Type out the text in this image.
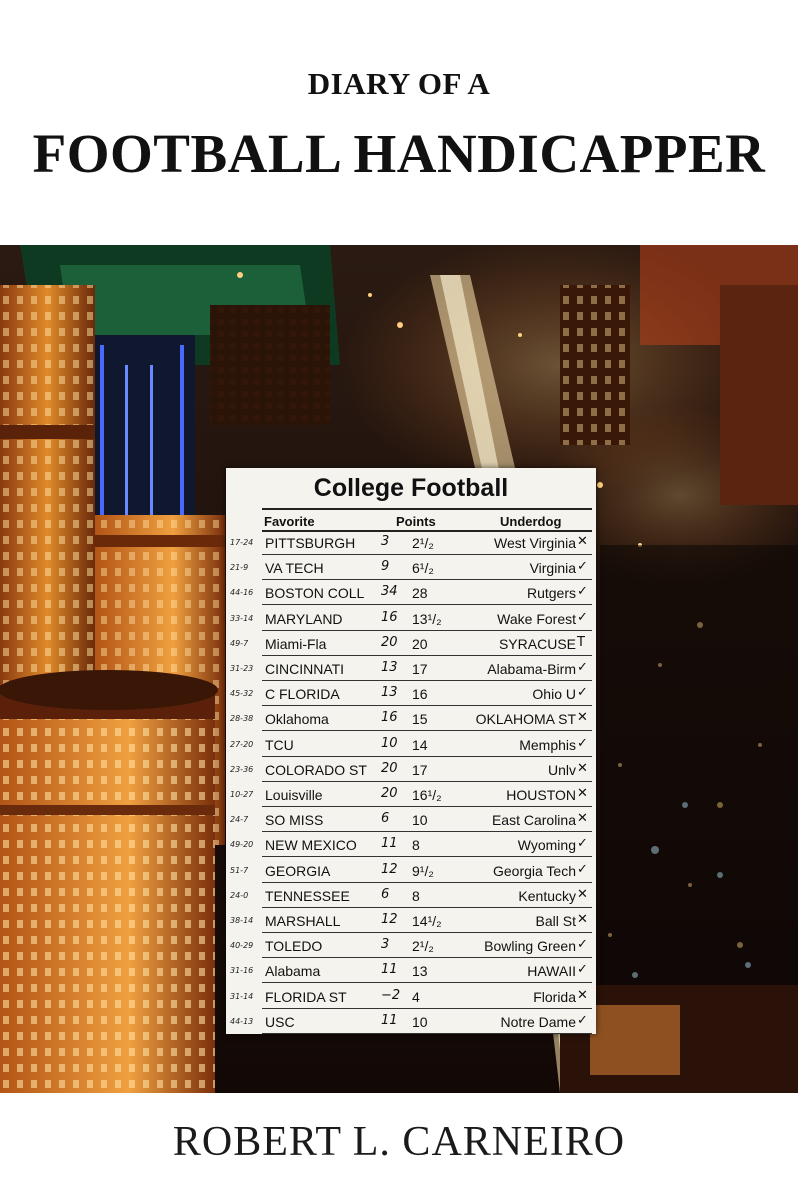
DIARY OF A
FOOTBALL HANDICAPPER
College Football
Favorite	Points	Underdog
17-24 PITTSBURGH 3	2¹/₂	West Virginia ✕
21-9	VA TECH	9	6¹/₂	Virginia ✓
44-16 BOSTON COLL 34	28	Rutgers ✓
33-14 MARYLAND	16	13¹/₂	Wake Forest ✓
49-7	Miami-Fla	20	20	SYRACUSE T
31-23 CINCINNATI	13	17	Alabama-Birm ✓
45-32 C FLORIDA	13	16	Ohio U ✓
28-38 Oklahoma	16	15	OKLAHOMA ST ✕
27-20 TCU	10	14	Memphis ✓
23-36 COLORADO ST 20	17	Unlv ✕
10-27 Louisville	20	16¹/₂	HOUSTON ✕
24-7	SO MISS	6	10	East Carolina ✕
49-20 NEW MEXICO 11	8	Wyoming ✓
51-7	GEORGIA	12	9¹/₂	Georgia Tech ✓
24-0	TENNESSEE 6	8	Kentucky ✕
38-14 MARSHALL	12	14¹/₂	Ball St ✕
40-29 TOLEDO	3	2¹/₂	Bowling Green ✓
31-16 Alabama	11	13	HAWAII ✓
31-14 FLORIDA ST	−2 4	Florida ✕
44-13 USC	11	10	Notre Dame ✓
ROBERT L. CARNEIRO
